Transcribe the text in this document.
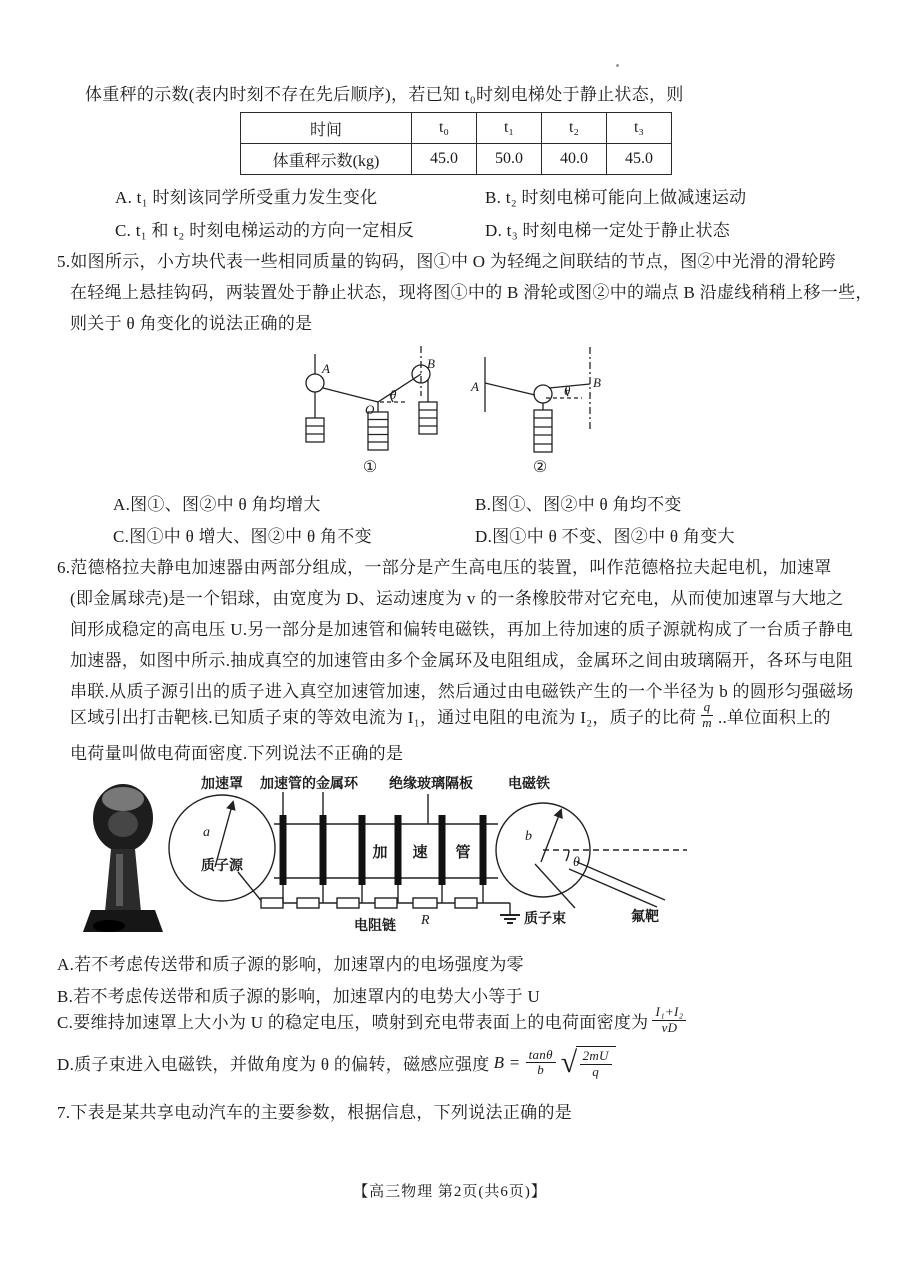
体重秤的示数(表内时刻不存在先后顺序)，若已知 t₀时刻电梯处于静止状态，则
时间	t₀	t₁	t₂	t₃
体重秤示数(kg)	45.0	50.0	40.0	45.0
A. t₁ 时刻该同学所受重力发生变化	B. t₂ 时刻电梯可能向上做减速运动
C. t₁ 和 t₂ 时刻电梯运动的方向一定相反	D. t₃ 时刻电梯一定处于静止状态
5.如图所示，小方块代表一些相同质量的钩码，图①中 O 为轻绳之间联结的节点，图②中光滑的滑轮跨
在轻绳上悬挂钩码，两装置处于静止状态，现将图①中的 B 滑轮或图②中的端点 B 沿虚线稍稍上移一些，
则关于 θ 角变化的说法正确的是
A
O
θ
B
A	θ
B
①	②
A.图①、图②中 θ 角均增大	B.图①、图②中 θ 角均不变
C.图①中 θ 增大、图②中 θ 角不变	D.图①中 θ 不变、图②中 θ 角变大
6.范德格拉夫静电加速器由两部分组成，一部分是产生高电压的装置，叫作范德格拉夫起电机，加速罩
(即金属球壳)是一个铝球，由宽度为 D、运动速度为 v 的一条橡胶带对它充电，从而使加速罩与大地之
间形成稳定的高电压 U.另一部分是加速管和偏转电磁铁，再加上待加速的质子源就构成了一台质子静电
加速器，如图中所示.抽成真空的加速管由多个金属环及电阻组成，金属环之间由玻璃隔开，各环与电阻
串联.从质子源引出的质子进入真空加速管加速，然后通过由电磁铁产生的一个半径为 b 的圆形匀强磁场
区域引出打击靶核.已知质子束的等效电流为 I₁，通过电阻的电流为 I₂，质子的比荷 $\frac{q}{m}$ ..单位面积上的
电荷量叫做电荷面密度.下列说法不正确的是
加速罩 加速管的金属环 绝缘玻璃隔板	电磁铁
质子源
加 速 管
电阻链	质子束	氟靶
a	b
θ
R
A.若不考虑传送带和质子源的影响，加速罩内的电场强度为零
B.若不考虑传送带和质子源的影响，加速罩内的电势大小等于 U
C.要维持加速罩上大小为 U 的稳定电压，喷射到充电带表面上的电荷面密度为 $\frac{\text{I₁+I₂}}{vD}$
D.质子束进入电磁铁，并做角度为 θ 的偏转，磁感应强度 $B = \frac{\tan\theta}{b}$ √ $\frac{2mU}{q}$
7.下表是某共享电动汽车的主要参数，根据信息，下列说法正确的是
【高三物理 第2页(共6页)】
